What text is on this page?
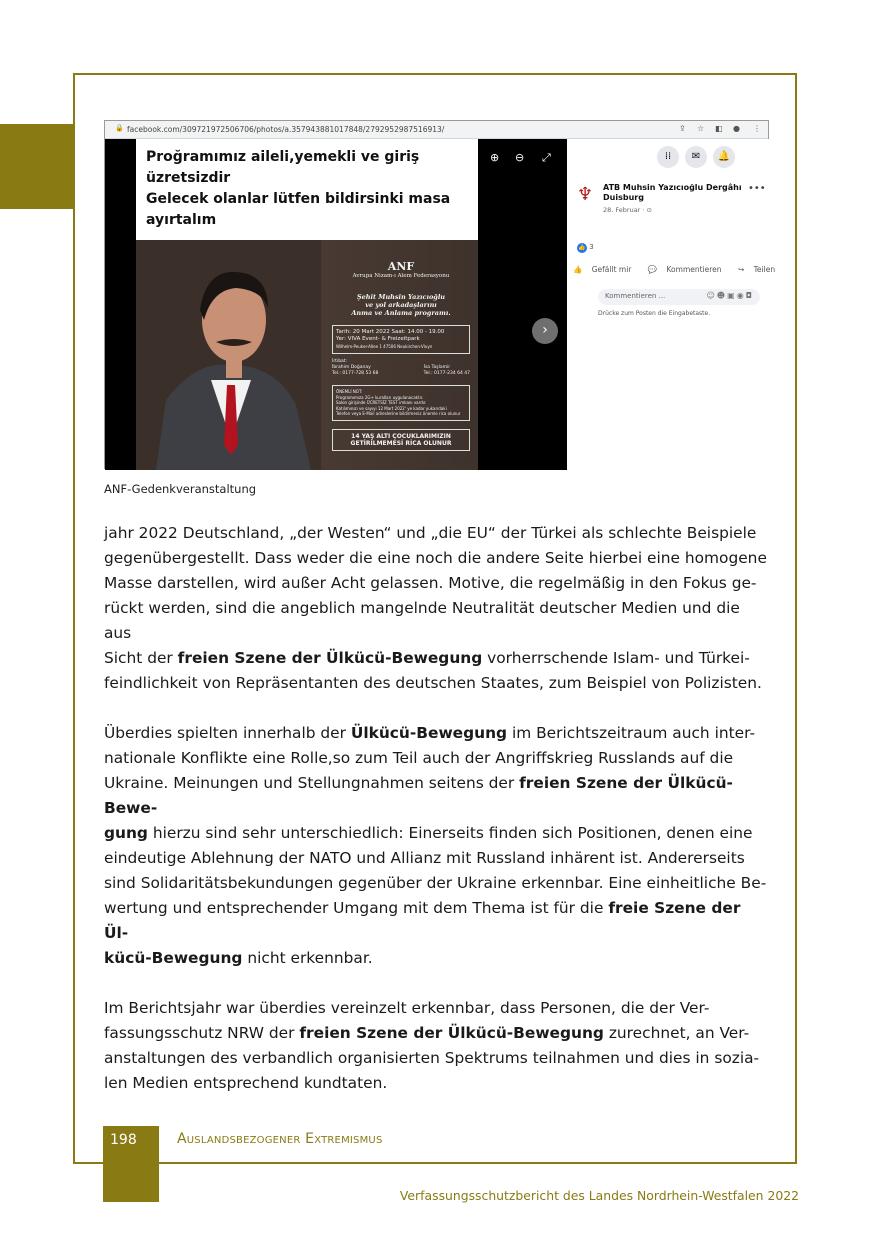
🔒 facebook.com/309721972506706/photos/a.357943881017848/2792952987516913/	⇪ ☆ ◧ ● ⋮
Proğramımız aileli,yemekli ve giriş
üzretsizdir
Gelecek olanlar lütfen bildirsinki masa
ayırtalım
ANF
Avrupa Nizam-ı Alem Federasyonu
Şehit Muhsin Yazıcıoğlu
ve yol arkadaşlarını
Anma ve Anlama programı.
Tarih: 20 Mart 2022 Saat: 14.00 - 19.00
Yer: VIVA Event- & Freizeitpark
Wilhelm-Peuker-Allee 1 47506 Neukirchen-Vluyn
İrtibat:
İbrahim Doğanay
Tel.: 0177-728 53 68
İsa Taşlamir
Tel.: 0177-234 64 47
ÖNEMLİ NOT:
Programımıza 2G+ kuralları uygulanacaktır.
Salon girişinde ÜCRETSİZ TEST imkanı vardır.
Katılımınızı ve sayıyı 12 Mart 2022' ye kadar yukarıdaki
Telefon veya E-Mail adreslerine bildirmeniz önemle rica olunur
14 YAŞ ALTI ÇOCUKLARIMIZIN
GETİRİLMEMESİ RİCA OLUNUR
⊕ ⊖ ⤢
›
⁞⁞	✉	🔔
♆ ATB Muhsin Yazıcıoğlu Dergâhı Duisburg
28. Februar · ⊙
•••
👍 3
👍 Gefällt mir 💬 Kommentieren ↪ Teilen
Kommentieren ...	☺☻▣◉◘
Drücke zum Posten die Eingabetaste.
ANF-Gedenkveranstaltung

jahr 2022 Deutschland, „der Westen“ und „die EU“ der Türkei als schlechte Beispiele
gegenübergestellt. Dass weder die eine noch die andere Seite hierbei eine homogene
Masse darstellen, wird außer Acht gelassen. Motive, die regelmäßig in den Fokus ge-
rückt werden, sind die angeblich mangelnde Neutralität deutscher Medien und die aus
Sicht der freien Szene der Ülkücü-Bewegung vorherrschende Islam- und Türkei-
feindlichkeit von Repräsentanten des deutschen Staates, zum Beispiel von Polizisten.

Überdies spielten innerhalb der Ülkücü-Bewegung im Berichtszeitraum auch inter-
nationale Konflikte eine Rolle,so zum Teil auch der Angriffskrieg Russlands auf die
Ukraine. Meinungen und Stellungnahmen seitens der freien Szene der Ülkücü-Bewe-
gung hierzu sind sehr unterschiedlich: Einerseits finden sich Positionen, denen eine
eindeutige Ablehnung der NATO und Allianz mit Russland inhärent ist. Andererseits
sind Solidaritätsbekundungen gegenüber der Ukraine erkennbar. Eine einheitliche Be-
wertung und entsprechender Umgang mit dem Thema ist für die freie Szene der Ül-
kücü-Bewegung nicht erkennbar.

Im Berichtsjahr war überdies vereinzelt erkennbar, dass Personen, die der Ver-
fassungsschutz NRW der freien Szene der Ülkücü-Bewegung zurechnet, an Ver-
anstaltungen des verbandlich organisierten Spektrums teilnahmen und dies in sozia-
len Medien entsprechend kundtaten.

198	Auslandsbezogener Extremismus
Verfassungsschutzbericht des Landes Nordrhein-Westfalen 2022
